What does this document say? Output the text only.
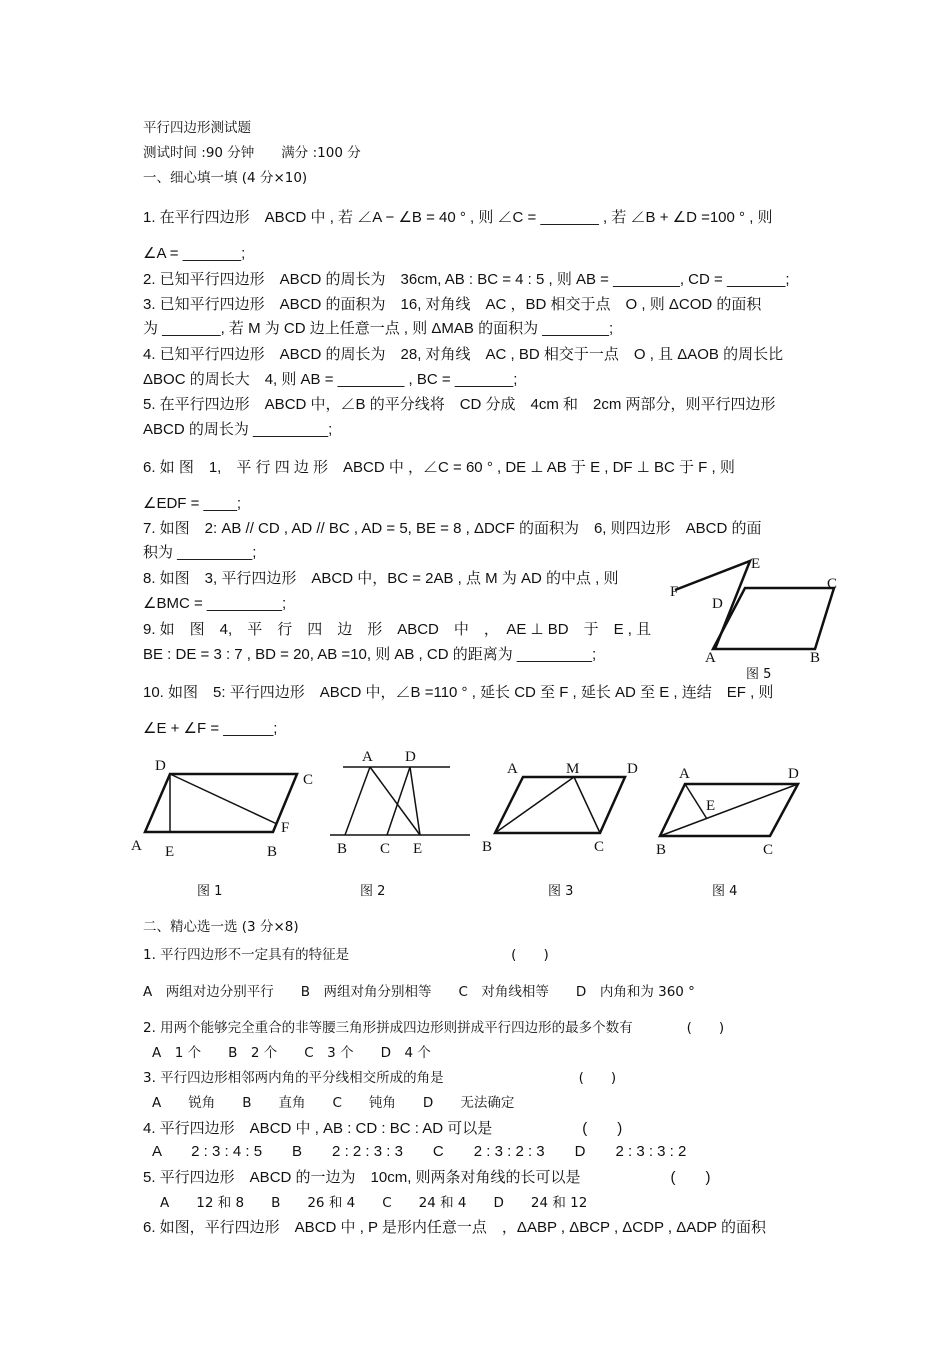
平行四边形测试题
测试时间 :90 分钟　　满分 :100 分
一、细心填一填 (4 分×10)
1. 在平行四边形　ABCD 中 , 若 ∠A − ∠B = 40 ° , 则 ∠C = _______ , 若 ∠B + ∠D =100 ° , 则
∠A = _______;
2. 已知平行四边形　ABCD 的周长为　36cm, AB : BC = 4 : 5 , 则 AB = ________, CD = _______;
3. 已知平行四边形　ABCD 的面积为　16, 对角线　AC ，BD 相交于点　O , 则 ΔCOD 的面积
为 _______, 若 M 为 CD 边上任意一点 , 则 ΔMAB 的面积为 ________;
4. 已知平行四边形　ABCD 的周长为　28, 对角线　AC , BD 相交于一点　O , 且 ΔAOB 的周长比
ΔBOC 的周长大　4, 则 AB = ________ , BC = _______;
5. 在平行四边形　ABCD 中，∠B 的平分线将　CD 分成　4cm 和　2cm 两部分，则平行四边形
ABCD 的周长为 _________;
6. 如 图　1,　平 行 四 边 形　ABCD 中 ，∠C = 60 ° , DE ⊥ AB 于 E , DF ⊥ BC 于 F , 则
∠EDF = ____;
7. 如图　2: AB // CD , AD // BC , AD = 5, BE = 8 , ΔDCF 的面积为　6, 则四边形　ABCD 的面
积为 _________;
8. 如图　3, 平行四边形　ABCD 中，BC = 2AB , 点 M 为 AD 的中点 , 则
∠BMC = _________;
9. 如　图　4,　平　行　四　边　形　ABCD　中　，　AE ⊥ BD　于　E , 且
BE : DE = 3 : 7 , BD = 20, AB =10, 则 AB , CD 的距离为 _________;
10. 如图　5: 平行四边形　ABCD 中，∠B =110 ° , 延长 CD 至 F , 延长 AD 至 E , 连结　EF , 则
∠E + ∠F = ______;
E
F
D
C
A	B
图 5
D
C
F
A E	B
图 1
A D
B C E
图 2
A	M	D
B	C
图 3
A	D
E
B	C
图 4
二、精心选一选 (3 分×8)
1. 平行四边形不一定具有的特征是　　　　　　　　　　　　(　　)
A　两组对边分别平行　　B　两组对角分别相等　　C　对角线相等　　D　内角和为 360 °
2. 用两个能够完全重合的非等腰三角形拼成四边形则拼成平行四边形的最多个数有　　　　(　　)
A　1 个　　B　2 个　　C　3 个　　D　4 个
3. 平行四边形相邻两内角的平分线相交所成的角是　　　　　　　　　　(　　)
A　　锐角　　B　　直角　　C　　钝角　　D　　无法确定
4. 平行四边形　ABCD 中 , AB : CD : BC : AD 可以是　　　　　　(　　)
A　　2 : 3 : 4 : 5　　B　　2 : 2 : 3 : 3　　C　　2 : 3 : 2 : 3　　D　　2 : 3 : 3 : 2
5. 平行四边形　ABCD 的一边为　10cm, 则两条对角线的长可以是　　　　　　(　　)
A　　12 和 8　　B　　26 和 4　　C　　24 和 4　　D　　24 和 12
6. 如图，平行四边形　ABCD 中 , P 是形内任意一点　，ΔABP , ΔBCP , ΔCDP , ΔADP 的面积
